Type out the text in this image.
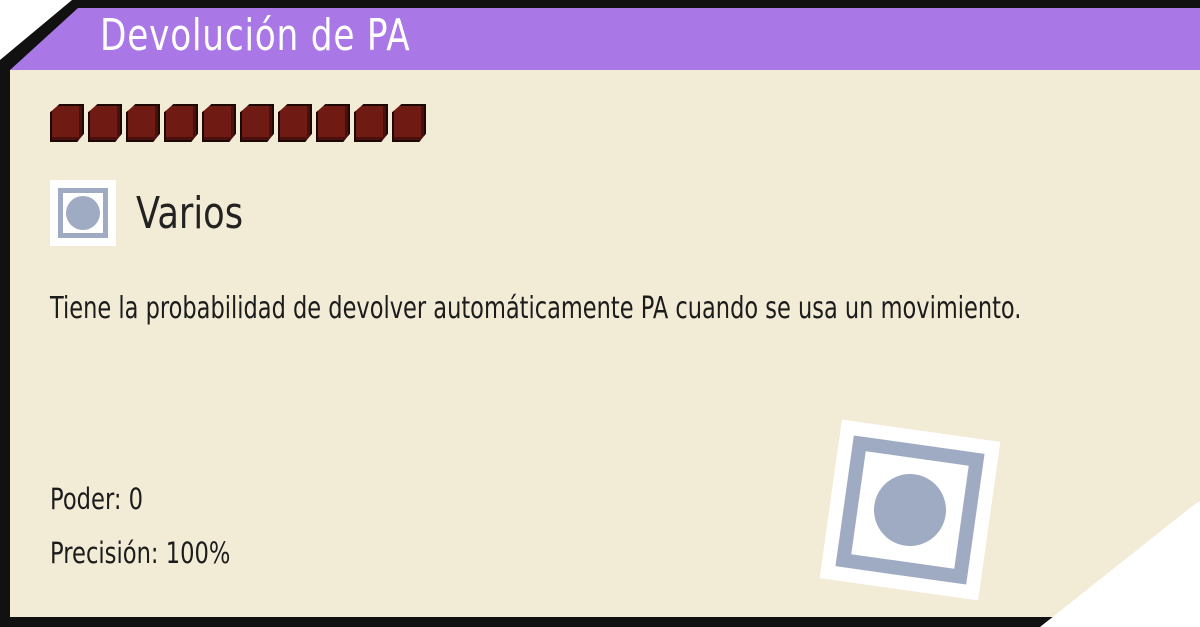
Devolución de PA
Varios
Tiene la probabilidad de devolver automáticamente PA cuando se usa un movimiento.
Poder: 0
Precisión: 100%
